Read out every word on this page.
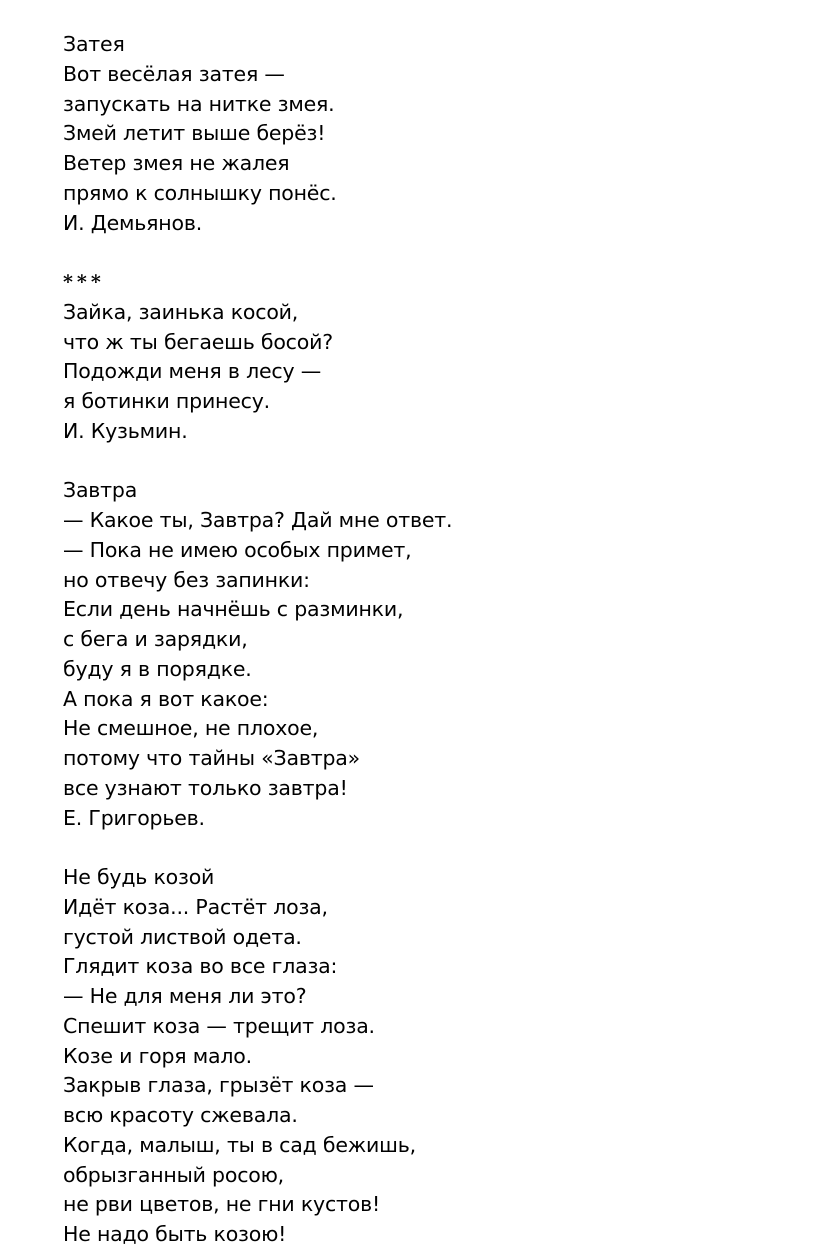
Затея

Вот весёлая затея —

запускать на нитке змея.

Змей летит выше берёз!

Ветер змея не жалея

прямо к солнышку понёс.

И. Демьянов.

***

Зайка, заинька косой,

что ж ты бегаешь босой?

Подожди меня в лесу —

я ботинки принесу.

И. Кузьмин.

Завтра

— Какое ты, Завтра? Дай мне ответ.

— Пока не имею особых примет,

но отвечу без запинки:

Если день начнёшь с разминки,

с бега и зарядки,

буду я в порядке.

А пока я вот какое:

Не смешное, не плохое,

потому что тайны «Завтра»

все узнают только завтра!

Е. Григорьев.

Не будь козой

Идёт коза... Растёт лоза,

густой листвой одета.

Глядит коза во все глаза:

— Не для меня ли это?

Спешит коза — трещит лоза.

Козе и горя мало.

Закрыв глаза, грызёт коза —

всю красоту сжевала.

Когда, малыш, ты в сад бежишь,

обрызганный росою,

не рви цветов, не гни кустов!

Не надо быть козою!
